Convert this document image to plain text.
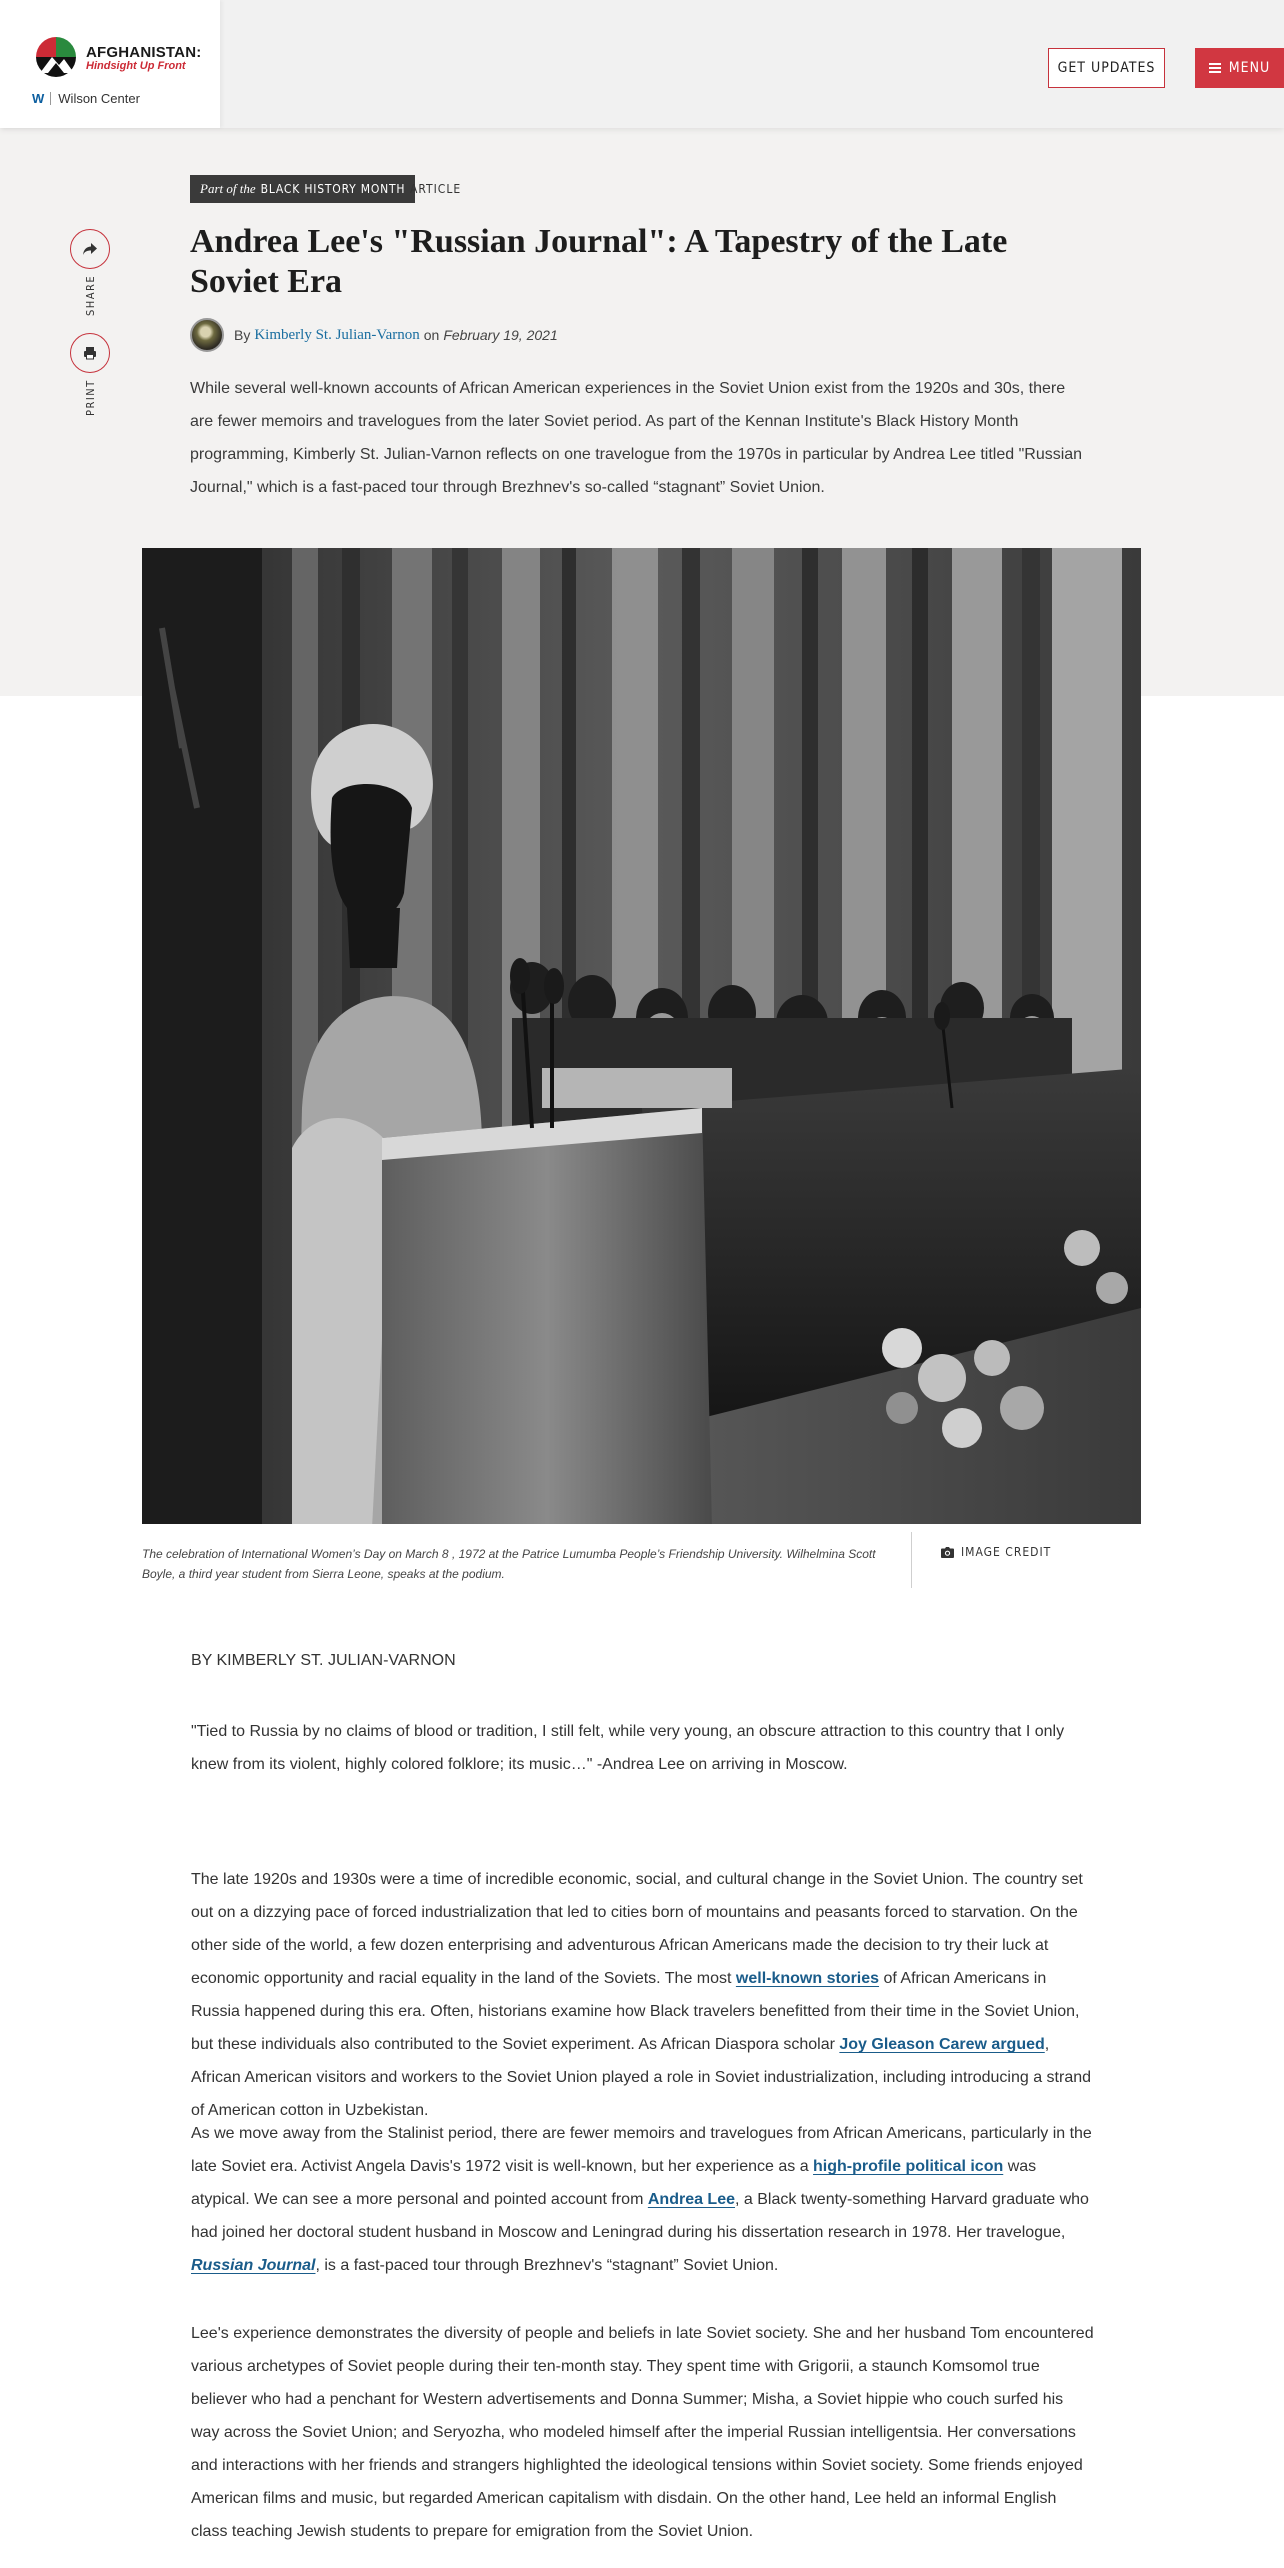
AFGHANISTAN:
Hindsight Up Front
W Wilson Center
GET UPDATES	MENU
Part of the BLACK HISTORY MONTH ARTICLE
SHARE
PRINT
Andrea Lee's "Russian Journal": A Tapestry of the Late Soviet Era
By Kimberly St. Julian-Varnon on February 19, 2021

While several well-known accounts of African American experiences in the Soviet Union exist from the 1920s and 30s, there are fewer memoirs and travelogues from the later Soviet period. As part of the Kennan Institute's Black History Month programming, Kimberly St. Julian-Varnon reflects on one travelogue from the 1970s in particular by Andrea Lee titled "Russian Journal," which is a fast-paced tour through Brezhnev's so-called “stagnant” Soviet Union.

The celebration of International Women’s Day on March 8 , 1972 at the Patrice Lumumba People’s Friendship University. Wilhelmina Scott Boyle, a third year student from Sierra Leone, speaks at the podium.

IMAGE CREDIT
BY KIMBERLY ST. JULIAN-VARNON

"Tied to Russia by no claims of blood or tradition, I still felt, while very young, an obscure attraction to this country that I only knew from its violent, highly colored folklore; its music…" -Andrea Lee on arriving in Moscow.

The late 1920s and 1930s were a time of incredible economic, social, and cultural change in the Soviet Union. The country set out on a dizzying pace of forced industrialization that led to cities born of mountains and peasants forced to starvation. On the other side of the world, a few dozen enterprising and adventurous African Americans made the decision to try their luck at economic opportunity and racial equality in the land of the Soviets. The most well-known stories of African Americans in Russia happened during this era. Often, historians examine how Black travelers benefitted from their time in the Soviet Union, but these individuals also contributed to the Soviet experiment. As African Diaspora scholar Joy Gleason Carew argued, African American visitors and workers to the Soviet Union played a role in Soviet industrialization, including introducing a strand of American cotton in Uzbekistan.

As we move away from the Stalinist period, there are fewer memoirs and travelogues from African Americans, particularly in the late Soviet era. Activist Angela Davis's 1972 visit is well-known, but her experience as a high-profile political icon was atypical. We can see a more personal and pointed account from Andrea Lee, a Black twenty-something Harvard graduate who had joined her doctoral student husband in Moscow and Leningrad during his dissertation research in 1978. Her travelogue, Russian Journal, is a fast-paced tour through Brezhnev's “stagnant” Soviet Union.

Lee's experience demonstrates the diversity of people and beliefs in late Soviet society. She and her husband Tom encountered various archetypes of Soviet people during their ten-month stay. They spent time with Grigorii, a staunch Komsomol true believer who had a penchant for Western advertisements and Donna Summer; Misha, a Soviet hippie who couch surfed his way across the Soviet Union; and Seryozha, who modeled himself after the imperial Russian intelligentsia. Her conversations and interactions with her friends and strangers highlighted the ideological tensions within Soviet society. Some friends enjoyed American films and music, but regarded American capitalism with disdain. On the other hand, Lee held an informal English class teaching Jewish students to prepare for emigration from the Soviet Union.
